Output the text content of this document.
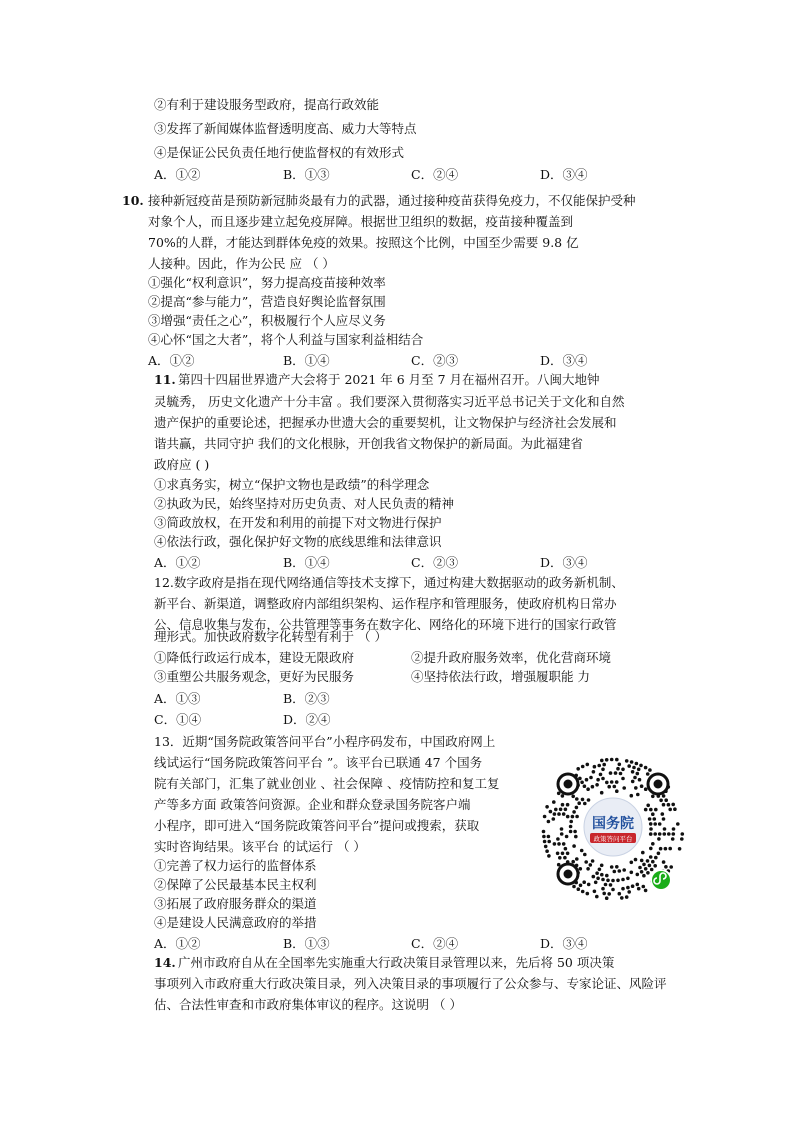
②有利于建设服务型政府，提高行政效能
③发挥了新闻媒体监督透明度高、威力大等特点
④是保证公民负责任地行使监督权的有效形式
A．①②	B．①③	C．②④	D．③④
10. 接种新冠疫苗是预防新冠肺炎最有力的武器，通过接种疫苗获得免疫力，不仅能保护受种
对象个人，而且逐步建立起免疫屏障。根据世卫组织的数据，疫苗接种覆盖到
70%的人群，才能达到群体免疫的效果。按照这个比例，中国至少需要 9.8 亿
人接种。因此，作为公民 应 （ ）
①强化“权利意识”，努力提高疫苗接种效率
②提高“参与能力”，营造良好舆论监督氛围
③增强“责任之心”，积极履行个人应尽义务
④心怀“国之大者”，将个人利益与国家利益相结合
A．①②	B．①④	C．②③	D．③④
11. 第四十四届世界遗产大会将于 2021 年 6 月至 7 月在福州召开。八闽大地钟
灵毓秀， 历史文化遗产十分丰富 。我们要深入贯彻落实习近平总书记关于文化和自然
遗产保护的重要论述，把握承办世遗大会的重要契机，让文物保护与经济社会发展和
谐共赢，共同守护 我们的文化根脉，开创我省文物保护的新局面。为此福建省
政府应 ( )
①求真务实，树立“保护文物也是政绩”的科学理念
②执政为民，始终坚持对历史负责、对人民负责的精神
③简政放权，在开发和利用的前提下对文物进行保护
④依法行政，强化保护好文物的底线思维和法律意识
A．①②	B．①④	C．②③	D．③④
12.数字政府是指在现代网络通信等技术支撑下，通过构建大数据驱动的政务新机制、
新平台、新渠道，调整政府内部组织架构、运作程序和管理服务，使政府机构日常办
公、信息收集与发布，公共管理等事务在数字化、网络化的环境下进行的国家行政管
理形式。加快政府数字化转型有利于 （ ）
①降低行政运行成本，建设无限政府	②提升政府服务效率，优化营商环境
③重塑公共服务观念，更好为民服务	④坚持依法行政，增强履职能 力
A．①③	B．②③
C．①④	D．②④
13．近期“国务院政策答问平台”小程序码发布，中国政府网上
线试运行“国务院政策答问平台 ”。该平台已联通 47 个国务
院有关部门，汇集了就业创业 、社会保障 、疫情防控和复工复
产等多方面 政策答问资源。企业和群众登录国务院客户端
小程序，即可进入“国务院政策答问平台”提问或搜索，获取
实时咨询结果。该平台 的试运行 （ ）
①完善了权力运行的监督体系
②保障了公民最基本民主权利
③拓展了政府服务群众的渠道
④是建设人民满意政府的举措
A．①②	B．①③	C．②④	D．③④
国务院
政策答问平台
14. 广州市政府自从在全国率先实施重大行政决策目录管理以来，先后将 50 项决策
事项列入市政府重大行政决策目录，列入决策目录的事项履行了公众参与、专家论证、风险评
估、合法性审查和市政府集体审议的程序。这说明 （ ）
